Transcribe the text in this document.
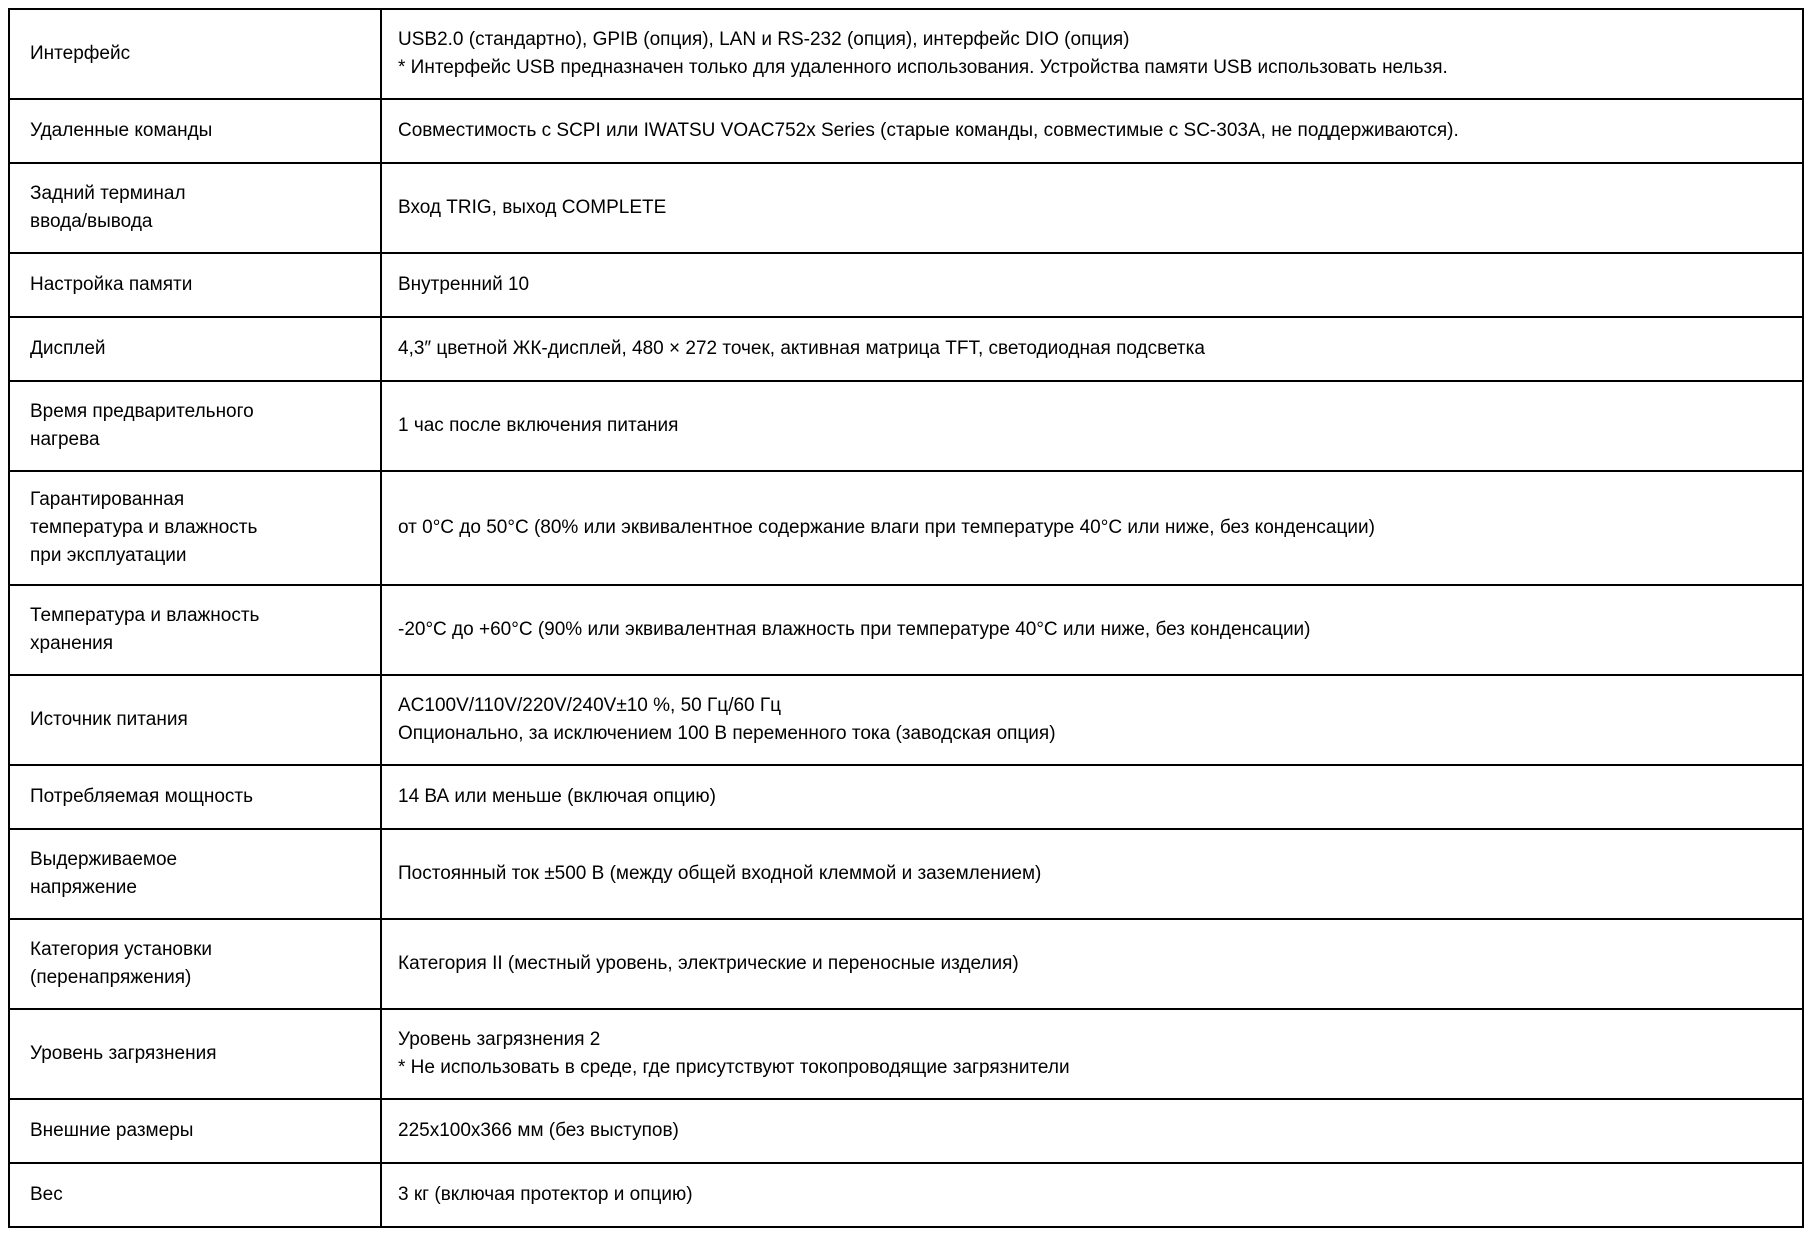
Интерфейс	USB2.0 (стандартно), GPIB (опция), LAN и RS-232 (опция), интерфейс DIO (опция)
* Интерфейс USB предназначен только для удаленного использования. Устройства памяти USB использовать нельзя.

Удаленные команды	Совместимость с SCPI или IWATSU VOAC752x Series (старые команды, совместимые с SC-303A, не поддерживаются).

Задний терминал
ввода/вывода	Вход TRIG, выход COMPLETE

Настройка памяти	Внутренний 10

Дисплей	4,3″ цветной ЖК-дисплей, 480 × 272 точек, активная матрица TFT, светодиодная подсветка

Время предварительного
нагрева	1 час после включения питания

Гарантированная
температура и влажность
при эксплуатации	от 0°C до 50°C (80% или эквивалентное содержание влаги при температуре 40°C или ниже, без конденсации)

Температура и влажность
хранения	-20°C до +60°C (90% или эквивалентная влажность при температуре 40°C или ниже, без конденсации)

Источник питания	AC100V/110V/220V/240V±10 %, 50 Гц/60 Гц
Опционально, за исключением 100 В переменного тока (заводская опция)

Потребляемая мощность	14 ВА или меньше (включая опцию)

Выдерживаемое
напряжение	Постоянный ток ±500 В (между общей входной клеммой и заземлением)

Категория установки
(перенапряжения)	Категория II (местный уровень, электрические и переносные изделия)

Уровень загрязнения	Уровень загрязнения 2
* Не использовать в среде, где присутствуют токопроводящие загрязнители

Внешние размеры	225x100x366 мм (без выступов)

Вес	3 кг (включая протектор и опцию)
